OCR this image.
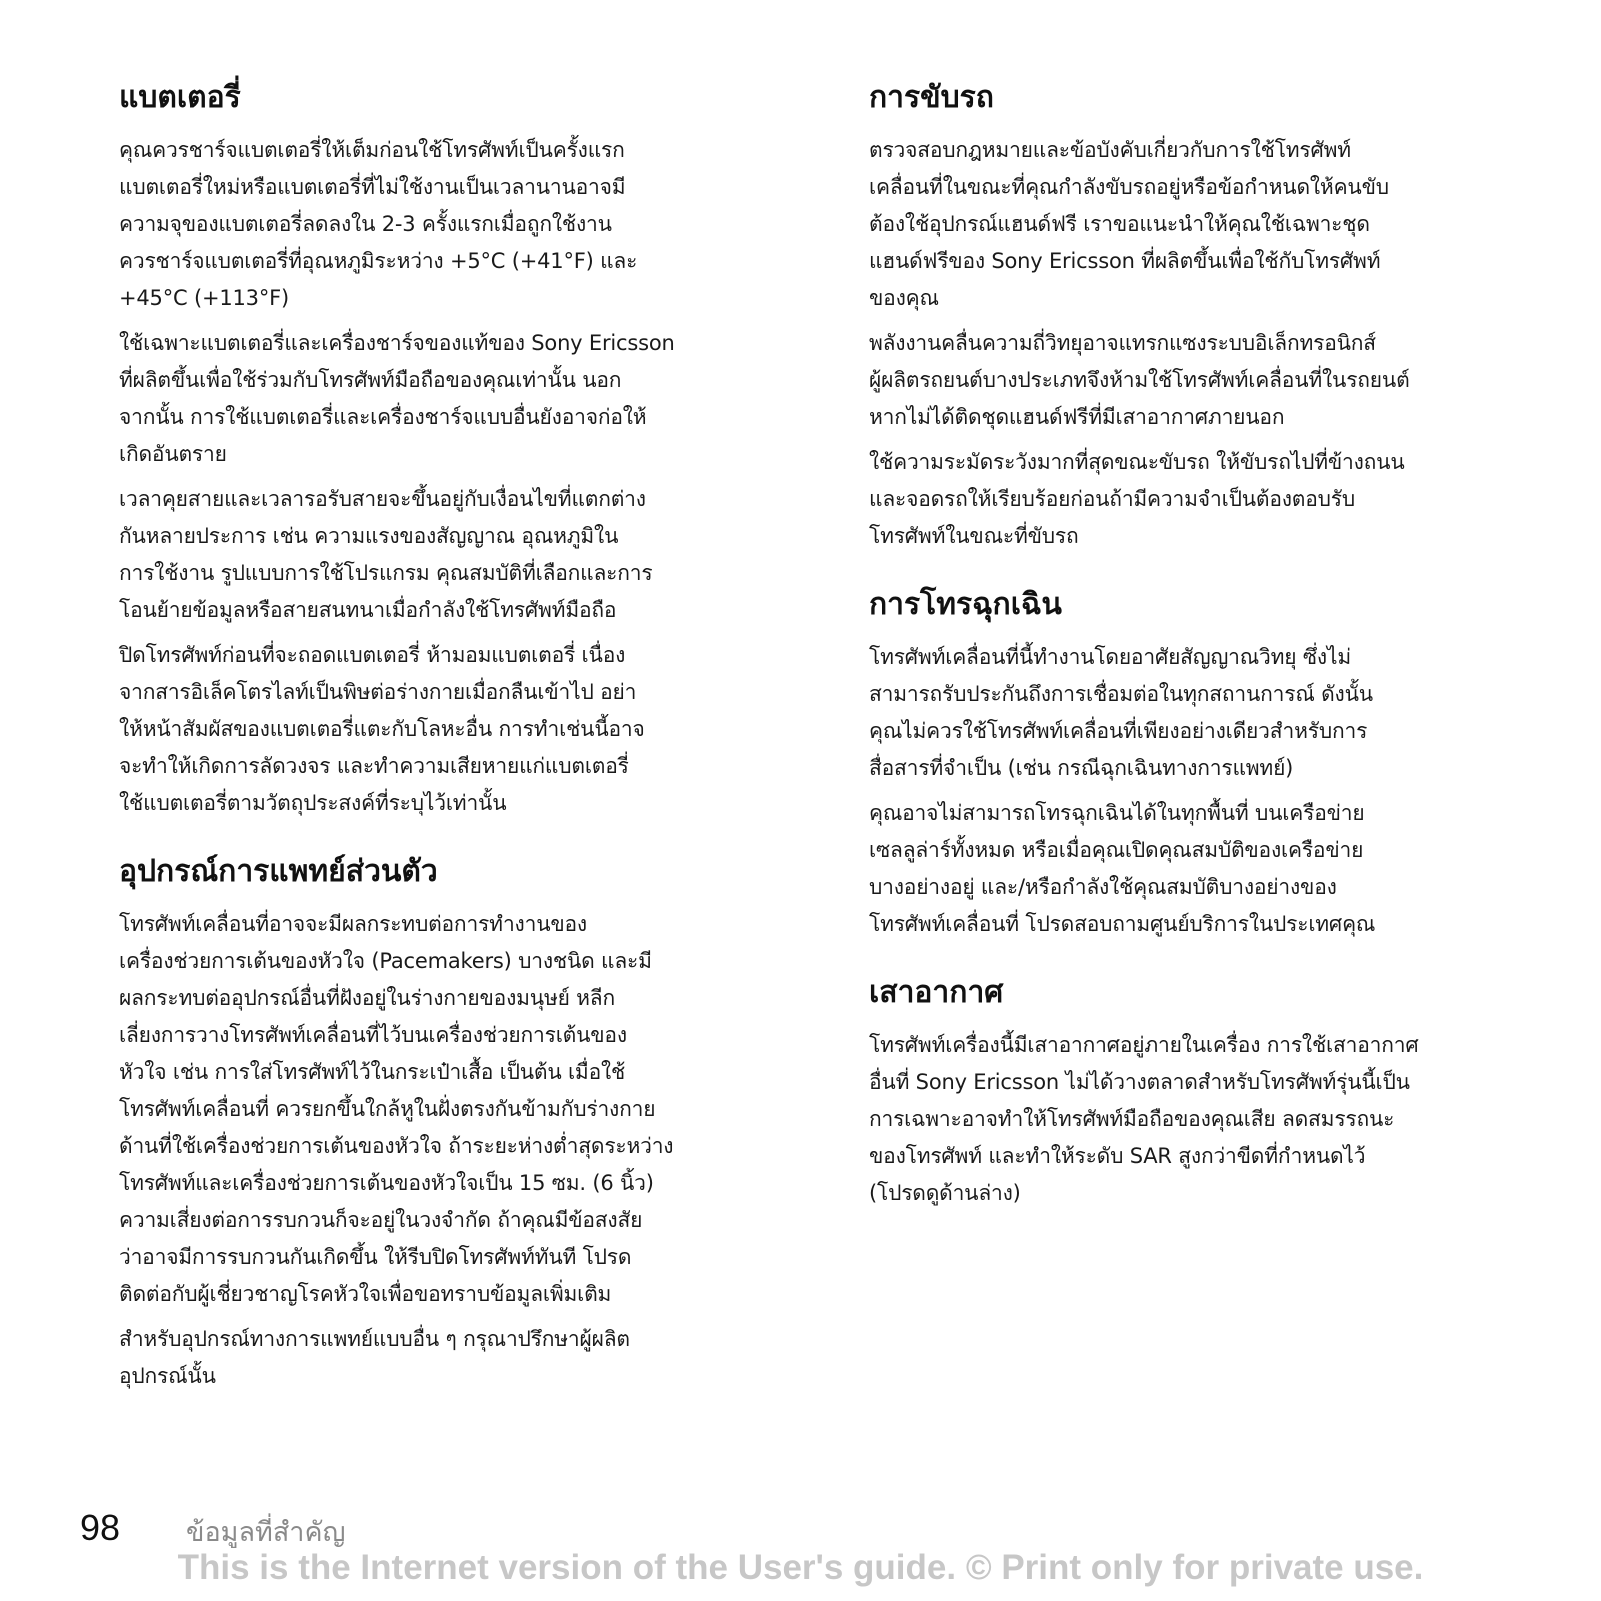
แบตเตอรี่

คุณควรชาร์จแบตเตอรี่ให้เต็มก่อนใช้โทรศัพท์เป็นครั้งแรก
แบตเตอรี่ใหม่หรือแบตเตอรี่ที่ไม่ใช้งานเป็นเวลานานอาจมี
ความจุของแบตเตอรี่ลดลงใน 2-3 ครั้งแรกเมื่อถูกใช้งาน
ควรชาร์จแบตเตอรี่ที่อุณหภูมิระหว่าง +5°C (+41°F) และ
+45°C (+113°F)

ใช้เฉพาะแบตเตอรี่และเครื่องชาร์จของแท้ของ Sony Ericsson
ที่ผลิตขึ้นเพื่อใช้ร่วมกับโทรศัพท์มือถือของคุณเท่านั้น นอก
จากนั้น การใช้แบตเตอรี่และเครื่องชาร์จแบบอื่นยังอาจก่อให้
เกิดอันตราย

เวลาคุยสายและเวลารอรับสายจะขึ้นอยู่กับเงื่อนไขที่แตกต่าง
กันหลายประการ เช่น ความแรงของสัญญาณ อุณหภูมิใน
การใช้งาน รูปแบบการใช้โปรแกรม คุณสมบัติที่เลือกและการ
โอนย้ายข้อมูลหรือสายสนทนาเมื่อกำลังใช้โทรศัพท์มือถือ

ปิดโทรศัพท์ก่อนที่จะถอดแบตเตอรี่ ห้ามอมแบตเตอรี่ เนื่อง
จากสารอิเล็คโตรไลท์เป็นพิษต่อร่างกายเมื่อกลืนเข้าไป อย่า
ให้หน้าสัมผัสของแบตเตอรี่แตะกับโลหะอื่น การทำเช่นนี้อาจ
จะทำให้เกิดการลัดวงจร และทำความเสียหายแก่แบตเตอรี่
ใช้แบตเตอรี่ตามวัตถุประสงค์ที่ระบุไว้เท่านั้น

อุปกรณ์การแพทย์ส่วนตัว

โทรศัพท์เคลื่อนที่อาจจะมีผลกระทบต่อการทำงานของ
เครื่องช่วยการเต้นของหัวใจ (Pacemakers) บางชนิด และมี
ผลกระทบต่ออุปกรณ์อื่นที่ฝังอยู่ในร่างกายของมนุษย์ หลีก
เลี่ยงการวางโทรศัพท์เคลื่อนที่ไว้บนเครื่องช่วยการเต้นของ
หัวใจ เช่น การใส่โทรศัพท์ไว้ในกระเป๋าเสื้อ เป็นต้น เมื่อใช้
โทรศัพท์เคลื่อนที่ ควรยกขึ้นใกล้หูในฝั่งตรงกันข้ามกับร่างกาย
ด้านที่ใช้เครื่องช่วยการเต้นของหัวใจ ถ้าระยะห่างต่ำสุดระหว่าง
โทรศัพท์และเครื่องช่วยการเต้นของหัวใจเป็น 15 ซม. (6 นิ้ว)
ความเสี่ยงต่อการรบกวนก็จะอยู่ในวงจำกัด ถ้าคุณมีข้อสงสัย
ว่าอาจมีการรบกวนกันเกิดขึ้น ให้รีบปิดโทรศัพท์ทันที โปรด
ติดต่อกับผู้เชี่ยวชาญโรคหัวใจเพื่อขอทราบข้อมูลเพิ่มเติม

สำหรับอุปกรณ์ทางการแพทย์แบบอื่น ๆ กรุณาปรึกษาผู้ผลิต
อุปกรณ์นั้น

การขับรถ

ตรวจสอบกฎหมายและข้อบังคับเกี่ยวกับการใช้โทรศัพท์
เคลื่อนที่ในขณะที่คุณกำลังขับรถอยู่หรือข้อกำหนดให้คนขับ
ต้องใช้อุปกรณ์แฮนด์ฟรี เราขอแนะนำให้คุณใช้เฉพาะชุด
แฮนด์ฟรีของ Sony Ericsson ที่ผลิตขึ้นเพื่อใช้กับโทรศัพท์
ของคุณ

พลังงานคลื่นความถี่วิทยุอาจแทรกแซงระบบอิเล็กทรอนิกส์
ผู้ผลิตรถยนต์บางประเภทจึงห้ามใช้โทรศัพท์เคลื่อนที่ในรถยนต์
หากไม่ได้ติดชุดแฮนด์ฟรีที่มีเสาอากาศภายนอก

ใช้ความระมัดระวังมากที่สุดขณะขับรถ ให้ขับรถไปที่ข้างถนน
และจอดรถให้เรียบร้อยก่อนถ้ามีความจำเป็นต้องตอบรับ
โทรศัพท์ในขณะที่ขับรถ

การโทรฉุกเฉิน

โทรศัพท์เคลื่อนที่นี้ทำงานโดยอาศัยสัญญาณวิทยุ ซึ่งไม่
สามารถรับประกันถึงการเชื่อมต่อในทุกสถานการณ์ ดังนั้น
คุณไม่ควรใช้โทรศัพท์เคลื่อนที่เพียงอย่างเดียวสำหรับการ
สื่อสารที่จำเป็น (เช่น กรณีฉุกเฉินทางการแพทย์)

คุณอาจไม่สามารถโทรฉุกเฉินได้ในทุกพื้นที่ บนเครือข่าย
เซลลูล่าร์ทั้งหมด หรือเมื่อคุณเปิดคุณสมบัติของเครือข่าย
บางอย่างอยู่ และ/หรือกำลังใช้คุณสมบัติบางอย่างของ
โทรศัพท์เคลื่อนที่ โปรดสอบถามศูนย์บริการในประเทศคุณ

เสาอากาศ

โทรศัพท์เครื่องนี้มีเสาอากาศอยู่ภายในเครื่อง การใช้เสาอากาศ
อื่นที่ Sony Ericsson ไม่ได้วางตลาดสำหรับโทรศัพท์รุ่นนี้เป็น
การเฉพาะอาจทำให้โทรศัพท์มือถือของคุณเสีย ลดสมรรถนะ
ของโทรศัพท์ และทำให้ระดับ SAR สูงกว่าขีดที่กำหนดไว้
(โปรดดูด้านล่าง)

98 ข้อมูลที่สำคัญ
This is the Internet version of the User's guide. © Print only for private use.
